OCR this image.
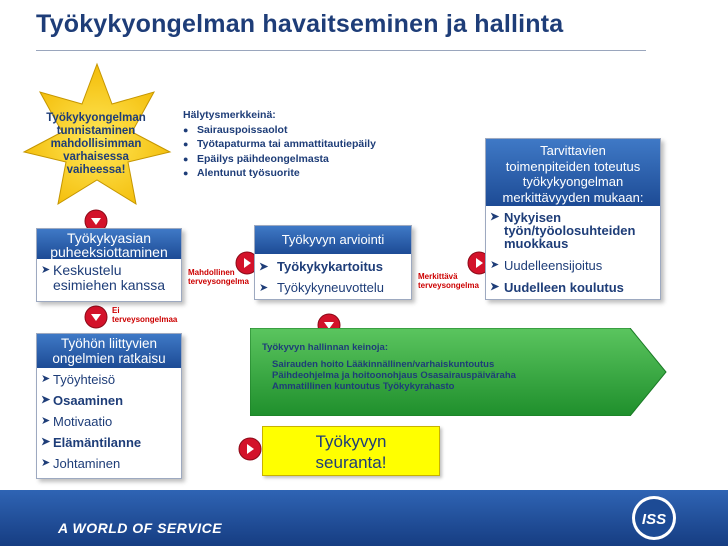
Työkykyongelman havaitseminen ja hallinta
Työkykyongelman
tunnistaminen
mahdollisimman
varhaisessa
vaiheessa!
Hälytysmerkkeinä:
● Sairauspoissaolot
● Työtapaturma tai ammattitautiepäily
● Epäilys päihdeongelmasta
● Alentunut työsuorite
Työkykyasian
puheeksiottaminen
➤ Keskustelu
esimiehen kanssa
Työkyvyn arviointi
➤ Työkykykartoitus
➤ Työkykyneuvottelu
Tarvittavien
toimenpiteiden toteutus
työkykyongelman
merkittävyyden mukaan:
➤ Nykyisen
työn/työolosuhteiden
muokkaus
➤ Uudelleensijoitus
➤ Uudelleen koulutus
Työhön liittyvien
ongelmien ratkaisu
➤ Työyhteisö
➤ Osaaminen
➤ Motivaatio
➤ Elämäntilanne
➤ Johtaminen
Mahdollinen
terveysongelma
Merkittävä
terveysongelma
Ei
terveysongelmaa
Työkyvyn hallinnan keinoja:
Sairauden hoito Lääkinnällinen/varhaiskuntoutus
Päihdeohjelma ja hoitoonohjaus Osasairauspäiväraha
Ammatillinen kuntoutus Työkykyrahasto
Työkyvyn
seuranta!
A WORLD OF SERVICE	ISS
